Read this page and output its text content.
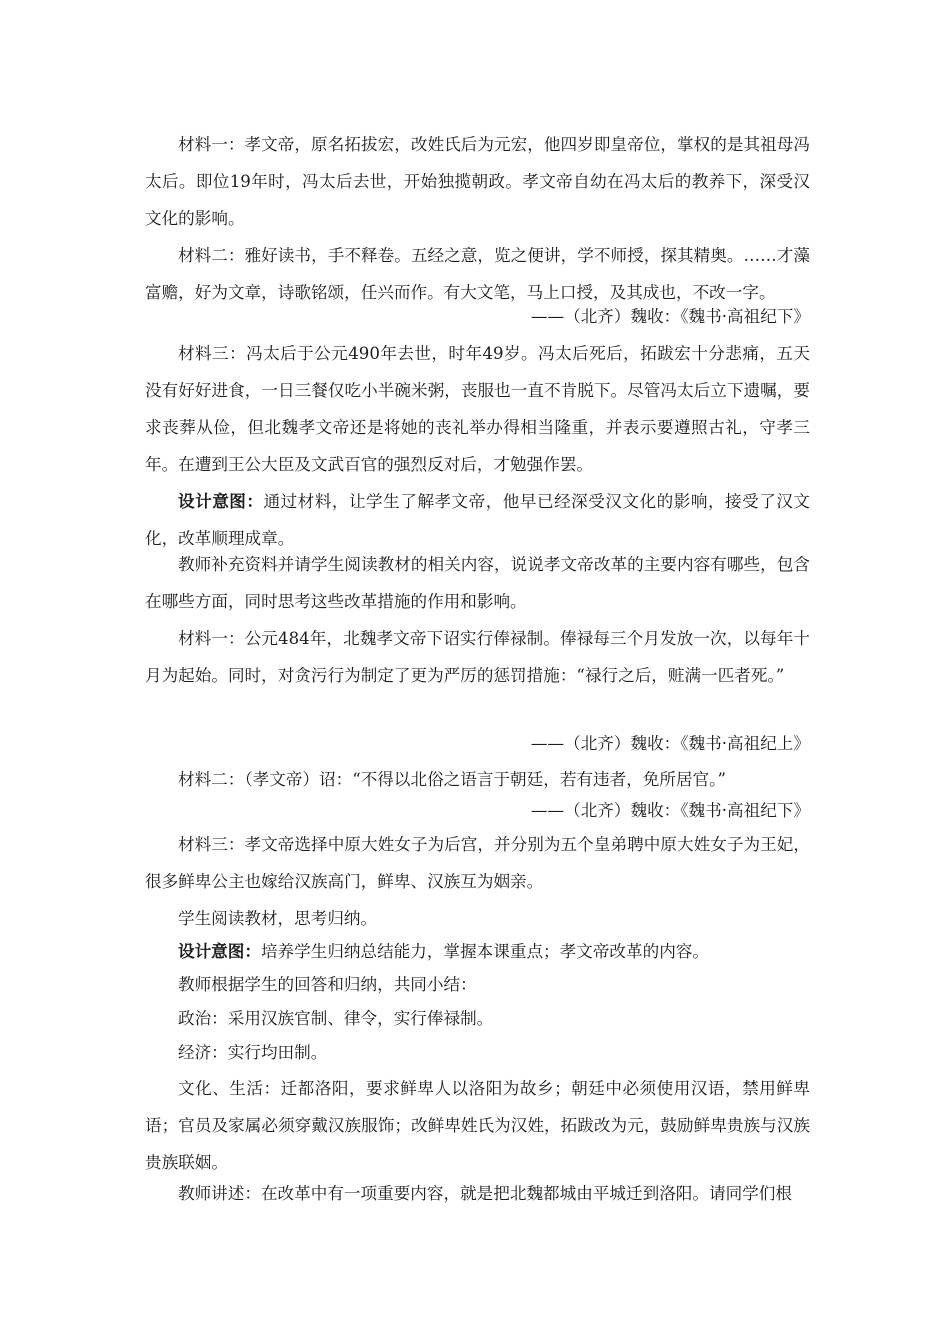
材料一：孝文帝，原名拓拔宏，改姓氏后为元宏，他四岁即皇帝位，掌权的是其祖母冯太后。即位19年时，冯太后去世，开始独揽朝政。孝文帝自幼在冯太后的教养下，深受汉文化的影响。

材料二：雅好读书，手不释卷。五经之意，览之便讲，学不师授，探其精奥。……才藻富赡，好为文章，诗歌铭颂，任兴而作。有大文笔，马上口授，及其成也，不改一字。

——（北齐）魏收：《魏书·高祖纪下》

材料三：冯太后于公元490年去世，时年49岁。冯太后死后，拓跋宏十分悲痛，五天没有好好进食，一日三餐仅吃小半碗米粥，丧服也一直不肯脱下。尽管冯太后立下遗嘱，要求丧葬从俭，但北魏孝文帝还是将她的丧礼举办得相当隆重，并表示要遵照古礼，守孝三年。在遭到王公大臣及文武百官的强烈反对后，才勉强作罢。

设计意图：通过材料，让学生了解孝文帝，他早已经深受汉文化的影响，接受了汉文化，改革顺理成章。

教师补充资料并请学生阅读教材的相关内容，说说孝文帝改革的主要内容有哪些，包含在哪些方面，同时思考这些改革措施的作用和影响。

材料一：公元484年，北魏孝文帝下诏实行俸禄制。俸禄每三个月发放一次，以每年十月为起始。同时，对贪污行为制定了更为严厉的惩罚措施：“禄行之后，赃满一匹者死。”

——（北齐）魏收：《魏书·高祖纪上》

材料二：（孝文帝）诏：“不得以北俗之语言于朝廷，若有违者，免所居官。”

——（北齐）魏收：《魏书·高祖纪下》

材料三：孝文帝选择中原大姓女子为后宫，并分别为五个皇弟聘中原大姓女子为王妃，很多鲜卑公主也嫁给汉族高门，鲜卑、汉族互为姻亲。

学生阅读教材，思考归纳。

设计意图：培养学生归纳总结能力，掌握本课重点；孝文帝改革的内容。

教师根据学生的回答和归纳，共同小结：

政治：采用汉族官制、律令，实行俸禄制。

经济：实行均田制。

文化、生活：迁都洛阳，要求鲜卑人以洛阳为故乡；朝廷中必须使用汉语，禁用鲜卑语；官员及家属必须穿戴汉族服饰；改鲜卑姓氏为汉姓，拓跋改为元，鼓励鲜卑贵族与汉族贵族联姻。

教师讲述：在改革中有一项重要内容，就是把北魏都城由平城迁到洛阳。请同学们根
